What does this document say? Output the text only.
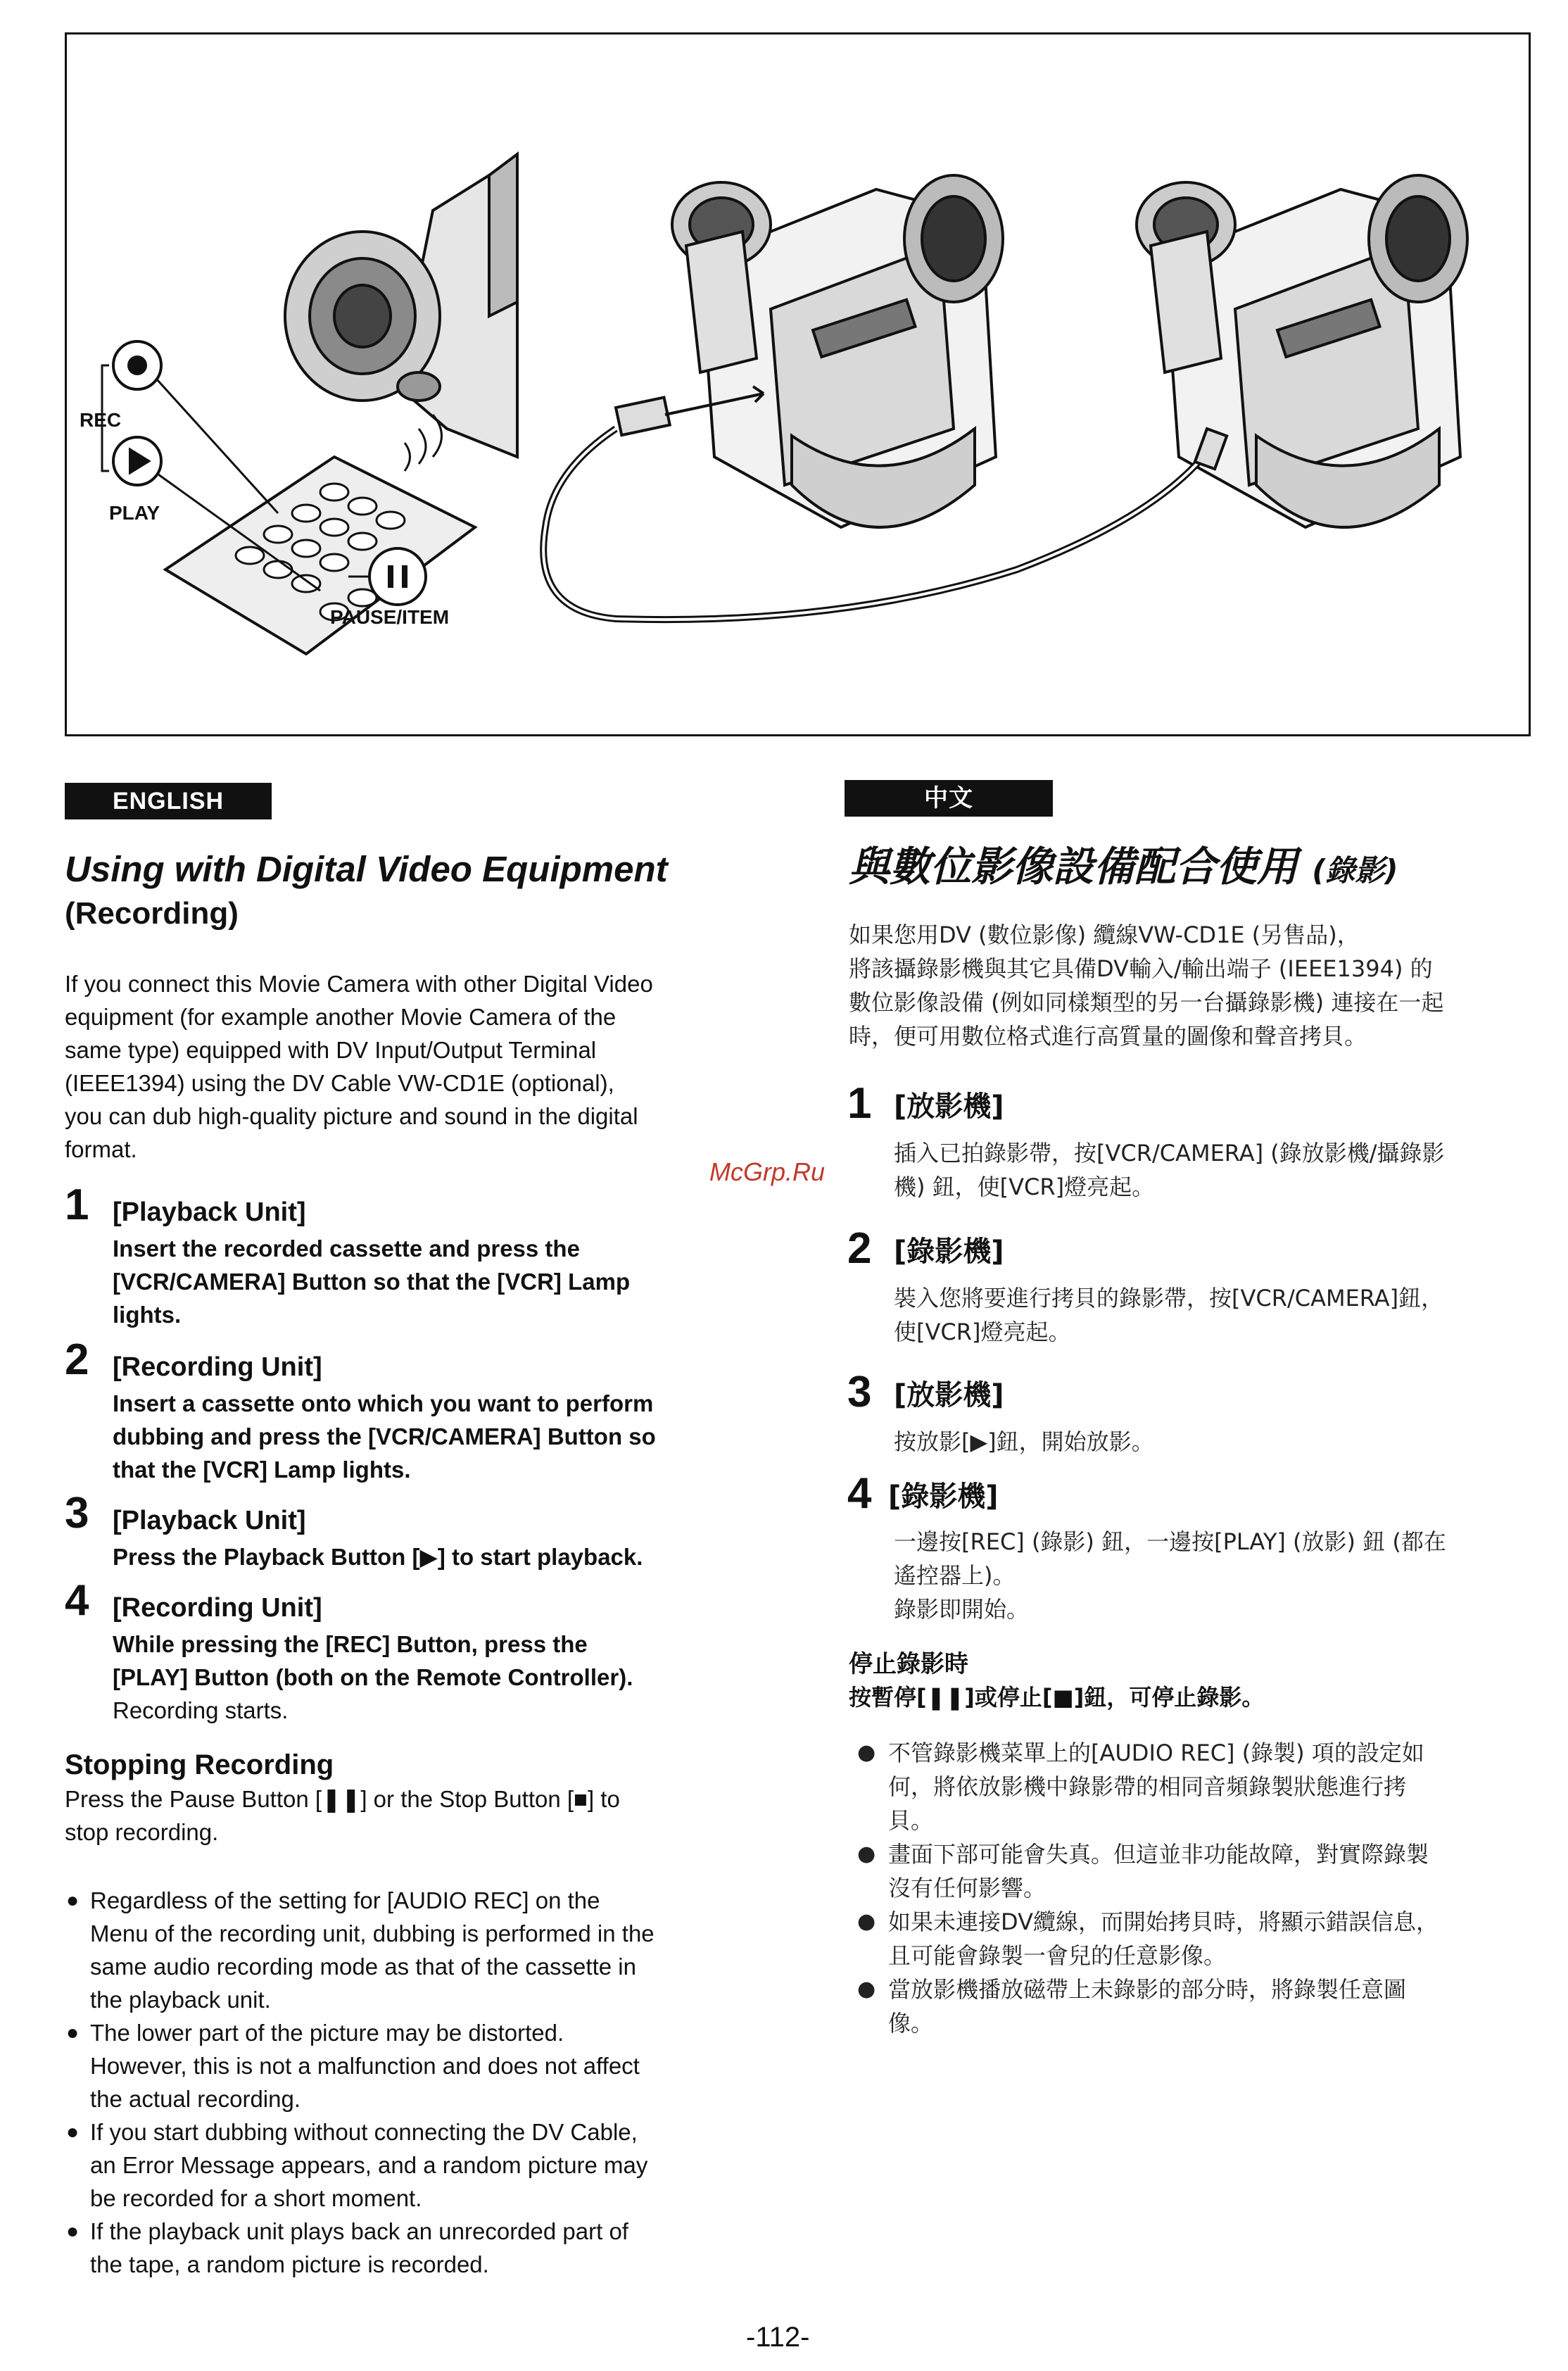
REC
PLAY
PAUSE/ITEM
ENGLISH
Using with Digital Video Equipment
(Recording)
If you connect this Movie Camera with other Digital Video
equipment (for example another Movie Camera of the
same type) equipped with DV Input/Output Terminal
(IEEE1394) using the DV Cable VW-CD1E (optional),
you can dub high-quality picture and sound in the digital
format.
1 [Playback Unit]
Insert the recorded cassette and press the
[VCR/CAMERA] Button so that the [VCR] Lamp
lights.
2 [Recording Unit]
Insert a cassette onto which you want to perform
dubbing and press the [VCR/CAMERA] Button so
that the [VCR] Lamp lights.
3 [Playback Unit]
Press the Playback Button [▶] to start playback.
4 [Recording Unit]
While pressing the [REC] Button, press the
[PLAY] Button (both on the Remote Controller).
Recording starts.
Stopping Recording
Press the Pause Button [❚❚] or the Stop Button [■] to
stop recording.
● Regardless of the setting for [AUDIO REC] on the
Menu of the recording unit, dubbing is performed in the
same audio recording mode as that of the cassette in
the playback unit.
● The lower part of the picture may be distorted.
However, this is not a malfunction and does not affect
the actual recording.
● If you start dubbing without connecting the DV Cable,
an Error Message appears, and a random picture may
be recorded for a short moment.
● If the playback unit plays back an unrecorded part of
the tape, a random picture is recorded.
McGrp.Ru
中文
與數位影像設備配合使用 (錄影)
如果您用DV (數位影像) 纜線VW-CD1E (另售品)，
將該攝錄影機與其它具備DV輸入/輸出端子 (IEEE1394) 的
數位影像設備 (例如同樣類型的另一台攝錄影機) 連接在一起
時，便可用數位格式進行高質量的圖像和聲音拷貝。
1 [放影機]
插入已拍錄影帶，按[VCR/CAMERA] (錄放影機/攝錄影
機) 鈕，使[VCR]燈亮起。
2 [錄影機]
裝入您將要進行拷貝的錄影帶，按[VCR/CAMERA]鈕，
使[VCR]燈亮起。
3 [放影機]
按放影[▶]鈕，開始放影。
4 [錄影機]
一邊按[REC] (錄影) 鈕，一邊按[PLAY] (放影) 鈕 (都在
遙控器上)。
錄影即開始。
停止錄影時
按暫停[❚❚]或停止[■]鈕，可停止錄影。
● 不管錄影機菜單上的[AUDIO REC] (錄製) 項的設定如
何，將依放影機中錄影帶的相同音頻錄製狀態進行拷
貝。
● 畫面下部可能會失真。但這並非功能故障，對實際錄製
沒有任何影響。
● 如果未連接DV纜線，而開始拷貝時，將顯示錯誤信息，
且可能會錄製一會兒的任意影像。
● 當放影機播放磁帶上未錄影的部分時，將錄製任意圖
像。
-112-
